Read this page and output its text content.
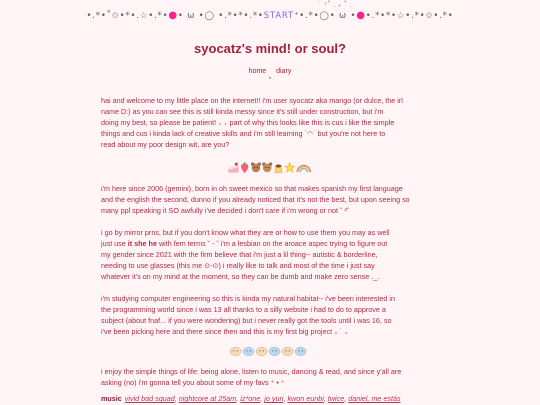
˙ ⁺˚ . ₊ ˚ .
•.*•˚✩•*•.☆•.*•●• ω •◯ •.*•*•.*•START⁺•.*•◯• ω •●•.*•*•☆•.*•✩•.*•
syocatz's mind! or soul?
home diary
''
hai and welcome to my little place on the internet!! i'm user syocatz aka mango (or dulce, the irl
name D:) as you can see this is still kinda messy since it's still under construction, but i'm
doing my best, so please be patient! ₊ ₊ part of why this looks like this is cus i like the simple
things and cus i kinda lack of creative skills and i'm still learning ˙◠˙ but you're not here to
read about my poor design wit, are you?
i'm here since 2006 (gemini), born in oh sweet mexico so that makes spanish my first language
and the english the second, dunno if you already noticed that it's not the best, but upon seeing so
many ppl speaking it SO awfully i've decided i don't care if i'm wrong or not ˘ ³˘
i go by mirror prns, but if you don't know what they are or how to use them you may as well
just use it she he with fem terms ˘ - ˘ i'm a lesbian on the aroace aspec trying to figure out
my gender since 2021 with the firm believe that i'm just a lil thing-- autistic & borderline,
needing to use glasses (this me ⊙-⊙) i really like to talk and most of the time i just say
whatever it's on my mind at the moment, so they can be dumb and make zero sense ._.
i'm studying computer engineering so this is kinda my natural habitat-- i've been interested in
the programming world since i was 13 all thanks to a silly website i had to do to approve a
subject (about fnaf... if you were wondering) but i never really got the tools until i was 16, so
i've been picking here and there since then and this is my first big project ₊ ˙ ₊
i enjoy the simple things of life: being alone, listen to music, dancing & read, and since y'all are
asking (no) i'm gonna tell you about some of my favs ⁺ • ⁺
music vivid bad squad, nightcore at 25am, iz*one, jo yuri, kwon eunbi, twice, daniel, me estás
